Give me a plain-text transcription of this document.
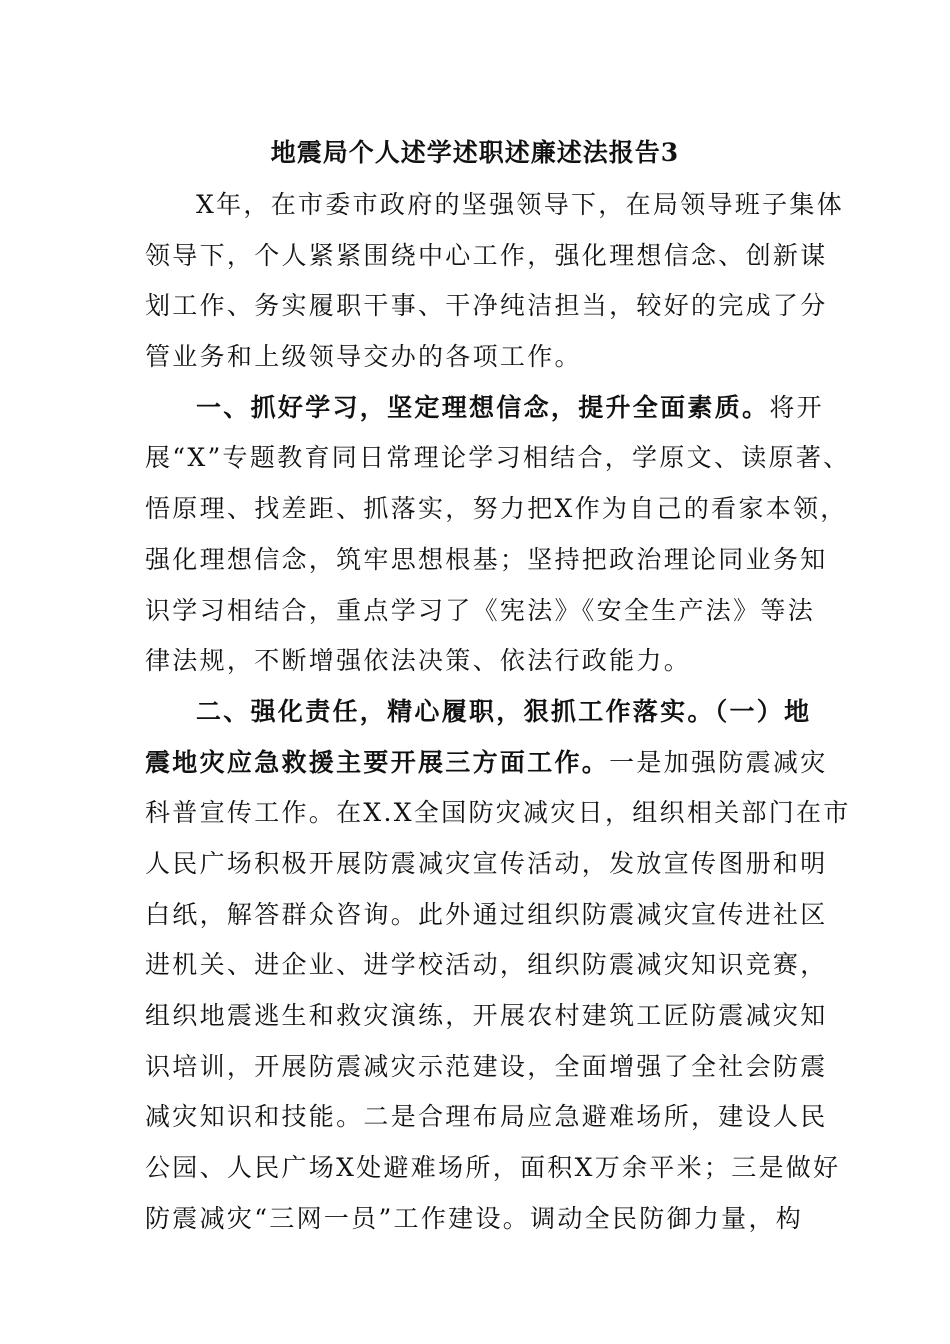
地震局个人述学述职述廉述法报告3
X年，在市委市政府的坚强领导下，在局领导班子集体
领导下，个人紧紧围绕中心工作，强化理想信念、创新谋
划工作、务实履职干事、干净纯洁担当，较好的完成了分
管业务和上级领导交办的各项工作。
一、抓好学习，坚定理想信念，提升全面素质。将开
展“X”专题教育同日常理论学习相结合，学原文、读原著、
悟原理、找差距、抓落实，努力把X作为自己的看家本领，
强化理想信念，筑牢思想根基；坚持把政治理论同业务知
识学习相结合，重点学习了《宪法》《安全生产法》等法
律法规，不断增强依法决策、依法行政能力。
二、强化责任，精心履职，狠抓工作落实。（一）地
震地灾应急救援主要开展三方面工作。一是加强防震减灾
科普宣传工作。在X.X全国防灾减灾日，组织相关部门在市
人民广场积极开展防震减灾宣传活动，发放宣传图册和明
白纸，解答群众咨询。此外通过组织防震减灾宣传进社区
进机关、进企业、进学校活动，组织防震减灾知识竞赛，
组织地震逃生和救灾演练，开展农村建筑工匠防震减灾知
识培训，开展防震减灾示范建设，全面增强了全社会防震
减灾知识和技能。二是合理布局应急避难场所，建设人民
公园、人民广场X处避难场所，面积X万余平米；三是做好
防震减灾“三网一员”工作建设。调动全民防御力量，构
